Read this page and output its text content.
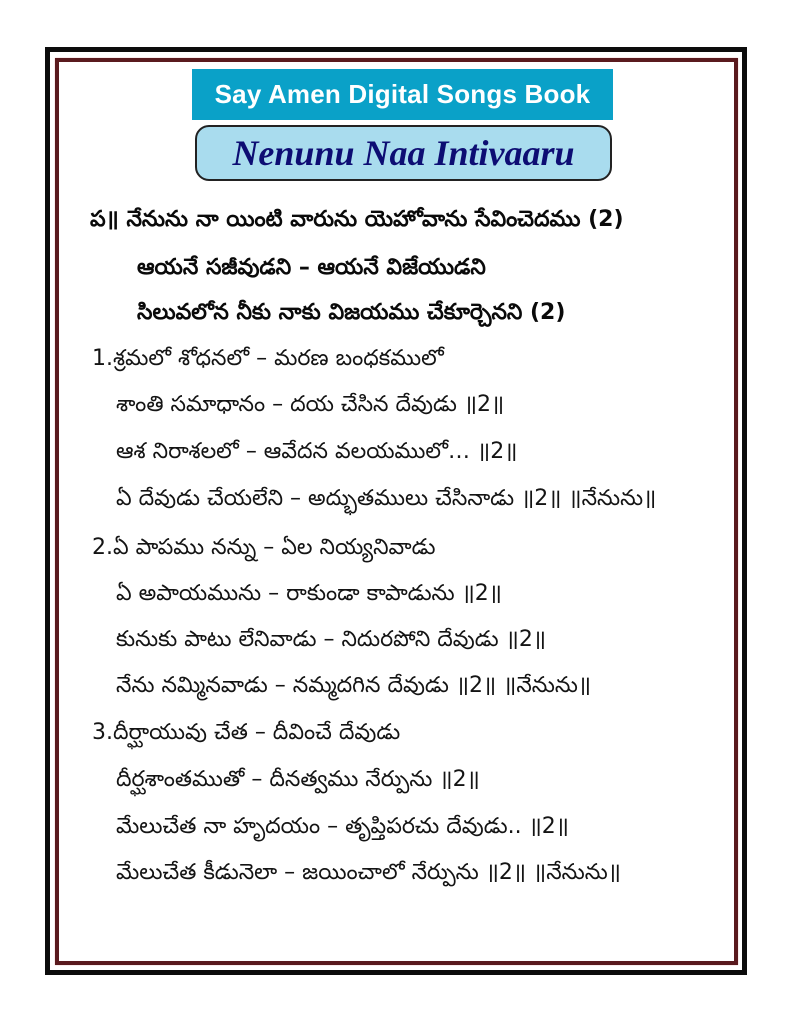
Say Amen Digital Songs Book
Nenunu Naa Intivaaru
ప॥ నేనును నా యింటి వారును యెహోవాను సేవించెదము (2)
ఆయనే సజీవుడని – ఆయనే విజేయుడని
సిలువలోన నీకు నాకు విజయము చేకూర్చెనని (2)
1.శ్రమలో శోధనలో – మరణ బంధకములో
శాంతి సమాధానం – దయ చేసిన దేవుడు ॥2॥
ఆశ నిరాశలలో – ఆవేదన వలయములో… ॥2॥
ఏ దేవుడు చేయలేని – అద్భుతములు చేసినాడు ॥2॥ ॥నేనును॥
2.ఏ పాపము నన్ను – ఏల నియ్యనివాడు
ఏ అపాయమును – రాకుండా కాపాడును ॥2॥
కునుకు పాటు లేనివాడు – నిదురపోని దేవుడు ॥2॥
నేను నమ్మినవాడు – నమ్మదగిన దేవుడు ॥2॥ ॥నేనును॥
3.దీర్ఘాయువు చేత – దీవించే దేవుడు
దీర్ఘశాంతముతో – దీనత్వము నేర్పును ॥2॥
మేలుచేత నా హృదయం – తృప్తిపరచు దేవుడు.. ॥2॥
మేలుచేత కీడునెలా – జయించాలో నేర్పును ॥2॥ ॥నేనును॥
